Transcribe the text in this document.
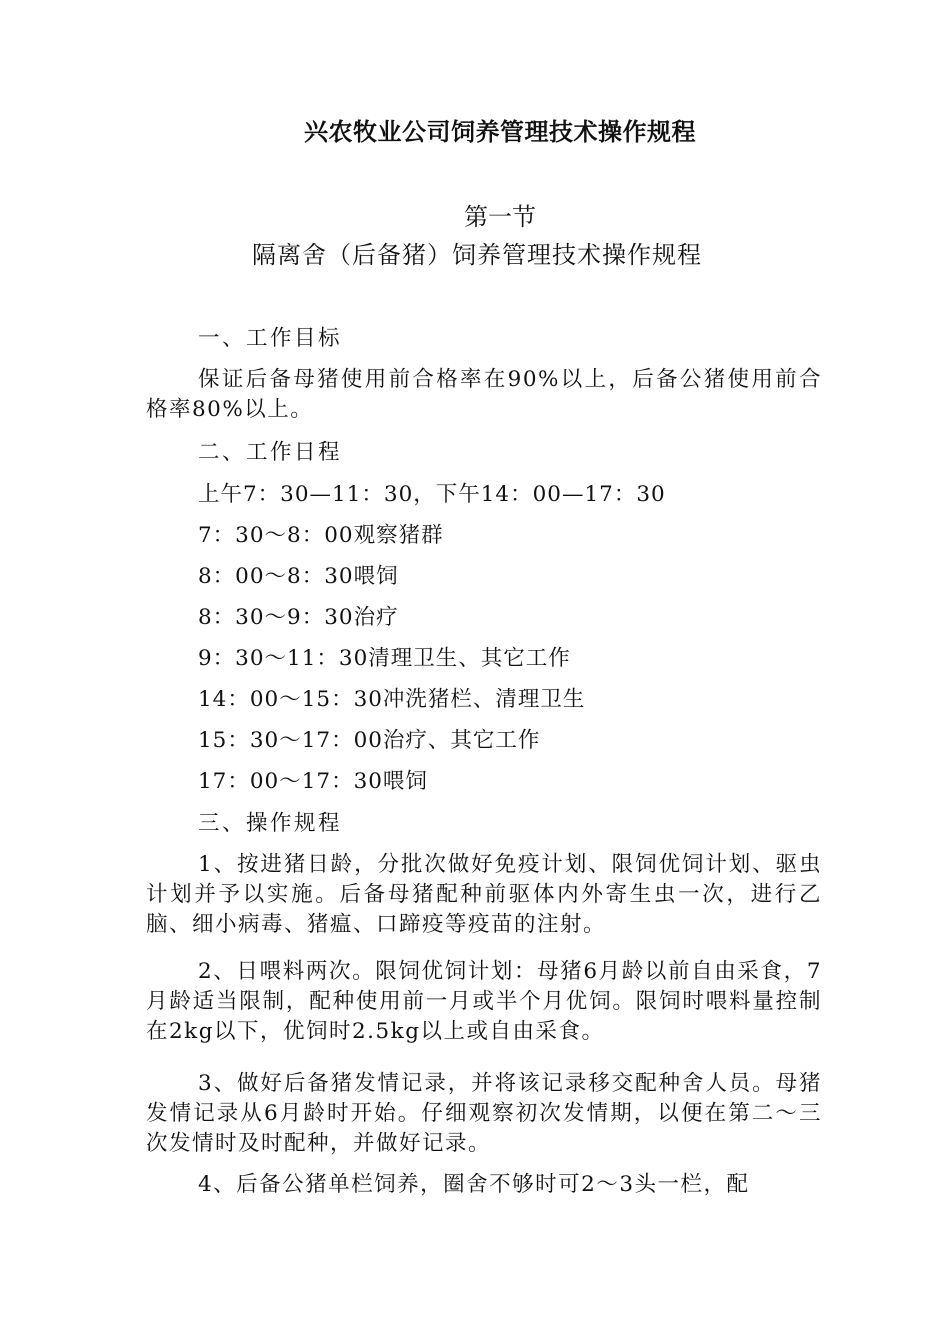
兴农牧业公司饲养管理技术操作规程
第一节
隔离舍（后备猪）饲养管理技术操作规程
一、工作目标
保证后备母猪使用前合格率在90%以上，后备公猪使用前合格率80%以上。
二、工作日程
上午7：30—11：30，下午14：00—17：30
7：30～8：00观察猪群
8：00～8：30喂饲
8：30～9：30治疗
9：30～11：30清理卫生、其它工作
14：00～15：30冲洗猪栏、清理卫生
15：30～17：00治疗、其它工作
17：00～17：30喂饲
三、操作规程
1、按进猪日龄，分批次做好免疫计划、限饲优饲计划、驱虫计划并予以实施。后备母猪配种前驱体内外寄生虫一次，进行乙脑、细小病毒、猪瘟、口蹄疫等疫苗的注射。
2、日喂料两次。限饲优饲计划：母猪6月龄以前自由采食，7月龄适当限制，配种使用前一月或半个月优饲。限饲时喂料量控制在2kg以下，优饲时2.5kg以上或自由采食。
3、做好后备猪发情记录，并将该记录移交配种舍人员。母猪发情记录从6月龄时开始。仔细观察初次发情期，以便在第二～三次发情时及时配种，并做好记录。
4、后备公猪单栏饲养，圈舍不够时可2～3头一栏，配
